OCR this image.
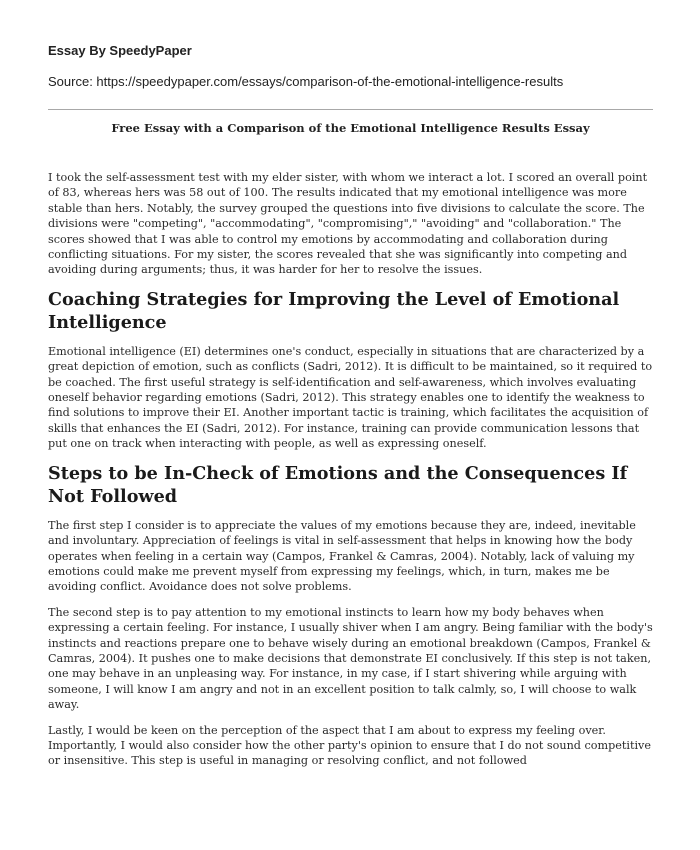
Essay By SpeedyPaper
Source: https://speedypaper.com/essays/comparison-of-the-emotional-intelligence-results
Free Essay with a Comparison of the Emotional Intelligence Results Essay

I took the self-assessment test with my elder sister, with whom we interact a lot. I scored an overall point of 83, whereas hers was 58 out of 100. The results indicated that my emotional intelligence was more stable than hers. Notably, the survey grouped the questions into five divisions to calculate the score. The divisions were "competing", "accommodating", "compromising"," "avoiding" and "collaboration." The scores showed that I was able to control my emotions by accommodating and collaboration during conflicting situations. For my sister, the scores revealed that she was significantly into competing and avoiding during arguments; thus, it was harder for her to resolve the issues.

Coaching Strategies for Improving the Level of Emotional Intelligence

Emotional intelligence (EI) determines one's conduct, especially in situations that are characterized by a great depiction of emotion, such as conflicts (Sadri, 2012). It is difficult to be maintained, so it required to be coached. The first useful strategy is self-identification and self-awareness, which involves evaluating oneself behavior regarding emotions (Sadri, 2012). This strategy enables one to identify the weakness to find solutions to improve their EI. Another important tactic is training, which facilitates the acquisition of skills that enhances the EI (Sadri, 2012). For instance, training can provide communication lessons that put one on track when interacting with people, as well as expressing oneself.

Steps to be In-Check of Emotions and the Consequences If Not Followed

The first step I consider is to appreciate the values of my emotions because they are, indeed, inevitable and involuntary. Appreciation of feelings is vital in self-assessment that helps in knowing how the body operates when feeling in a certain way (Campos, Frankel & Camras, 2004). Notably, lack of valuing my emotions could make me prevent myself from expressing my feelings, which, in turn, makes me be avoiding conflict. Avoidance does not solve problems.

The second step is to pay attention to my emotional instincts to learn how my body behaves when expressing a certain feeling. For instance, I usually shiver when I am angry. Being familiar with the body's instincts and reactions prepare one to behave wisely during an emotional breakdown (Campos, Frankel & Camras, 2004). It pushes one to make decisions that demonstrate EI conclusively. If this step is not taken, one may behave in an unpleasing way. For instance, in my case, if I start shivering while arguing with someone, I will know I am angry and not in an excellent position to talk calmly, so, I will choose to walk away.

Lastly, I would be keen on the perception of the aspect that I am about to express my feeling over. Importantly, I would also consider how the other party's opinion to ensure that I do not sound competitive or insensitive. This step is useful in managing or resolving conflict, and not followed
